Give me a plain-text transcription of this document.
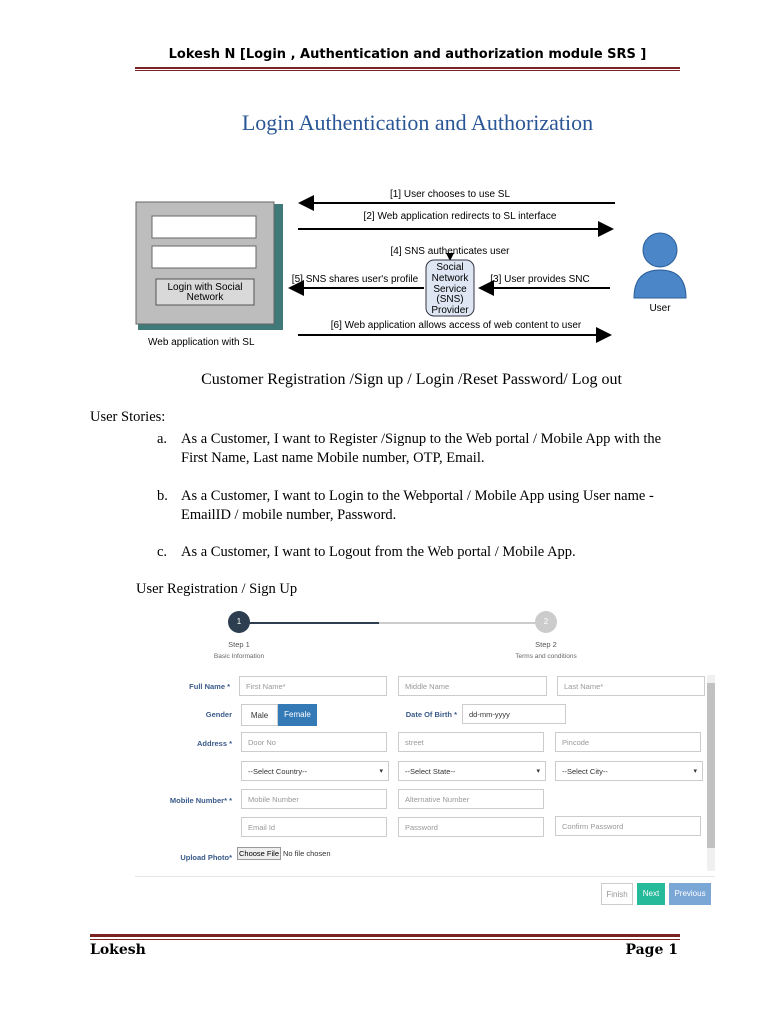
Lokesh N [Login , Authentication and authorization module SRS ]
Login Authentication and Authorization
Login with Social
Network
Web application with SL
[1] User chooses to use SL
[2] Web application redirects to SL interface
[4] SNS authenticates user
Social
Network
Service
(SNS)
Provider
[5] SNS shares user's profile	[3] User provides SNC
[6] Web application allows access of web content to user
User
Customer Registration /Sign up / Login /Reset Password/ Log out
User Stories:
a. As a Customer, I want to Register /Signup to the Web portal / Mobile App with the First Name, Last name Mobile number, OTP, Email.
b. As a Customer, I want to Login to the Webportal / Mobile App using User name - EmailID / mobile number, Password.
c. As a Customer, I want to Logout from the Web portal / Mobile App.
User Registration / Sign Up
1	2
Step 1
Basic Information
Step 2
Terms and conditions
Full Name *	First Name*	Middle Name	Last Name*
Gender	Male	Female	Date Of Birth *	dd-mm-yyyy
Address *	Door No	street	Pincode
--Select Country--	▾	--Select State--	▾	--Select City--	▾
Mobile Number* *	Mobile Number	Alternative Number
Email Id	Password	Confirm Password
Upload Photo* Choose File No file chosen
Finish	Next	Previous
Lokesh	Page 1
